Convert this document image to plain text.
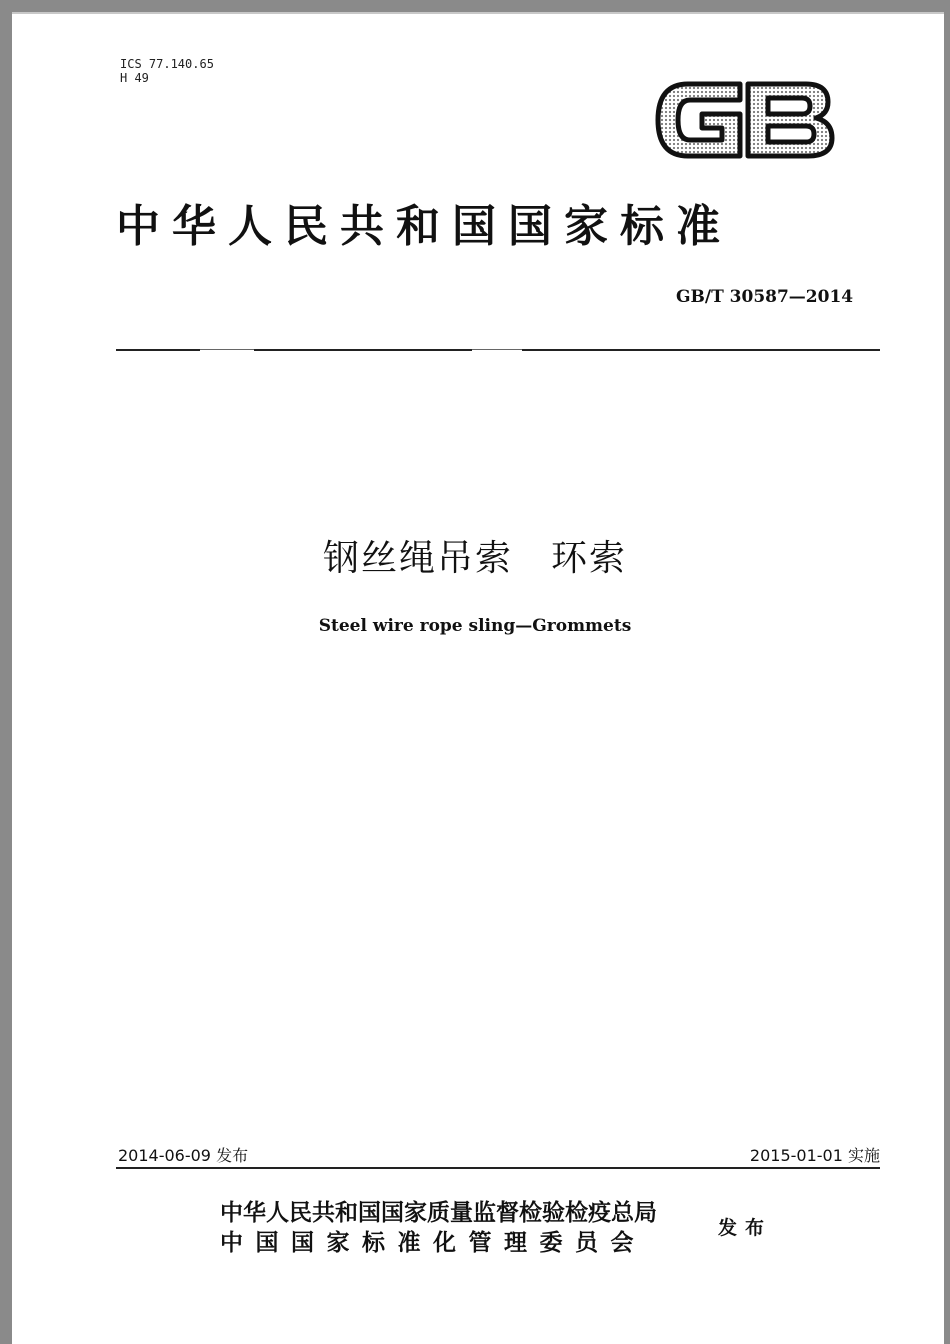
ICS 77.140.65
H 49
中华人民共和国国家标准
GB/T 30587—2014
钢丝绳吊索　环索
Steel wire rope sling—Grommets
2014-06-09 发布	2015-01-01 实施
中华人民共和国国家质量监督检验检疫总局
中国国家标准化管理委员会
发布
